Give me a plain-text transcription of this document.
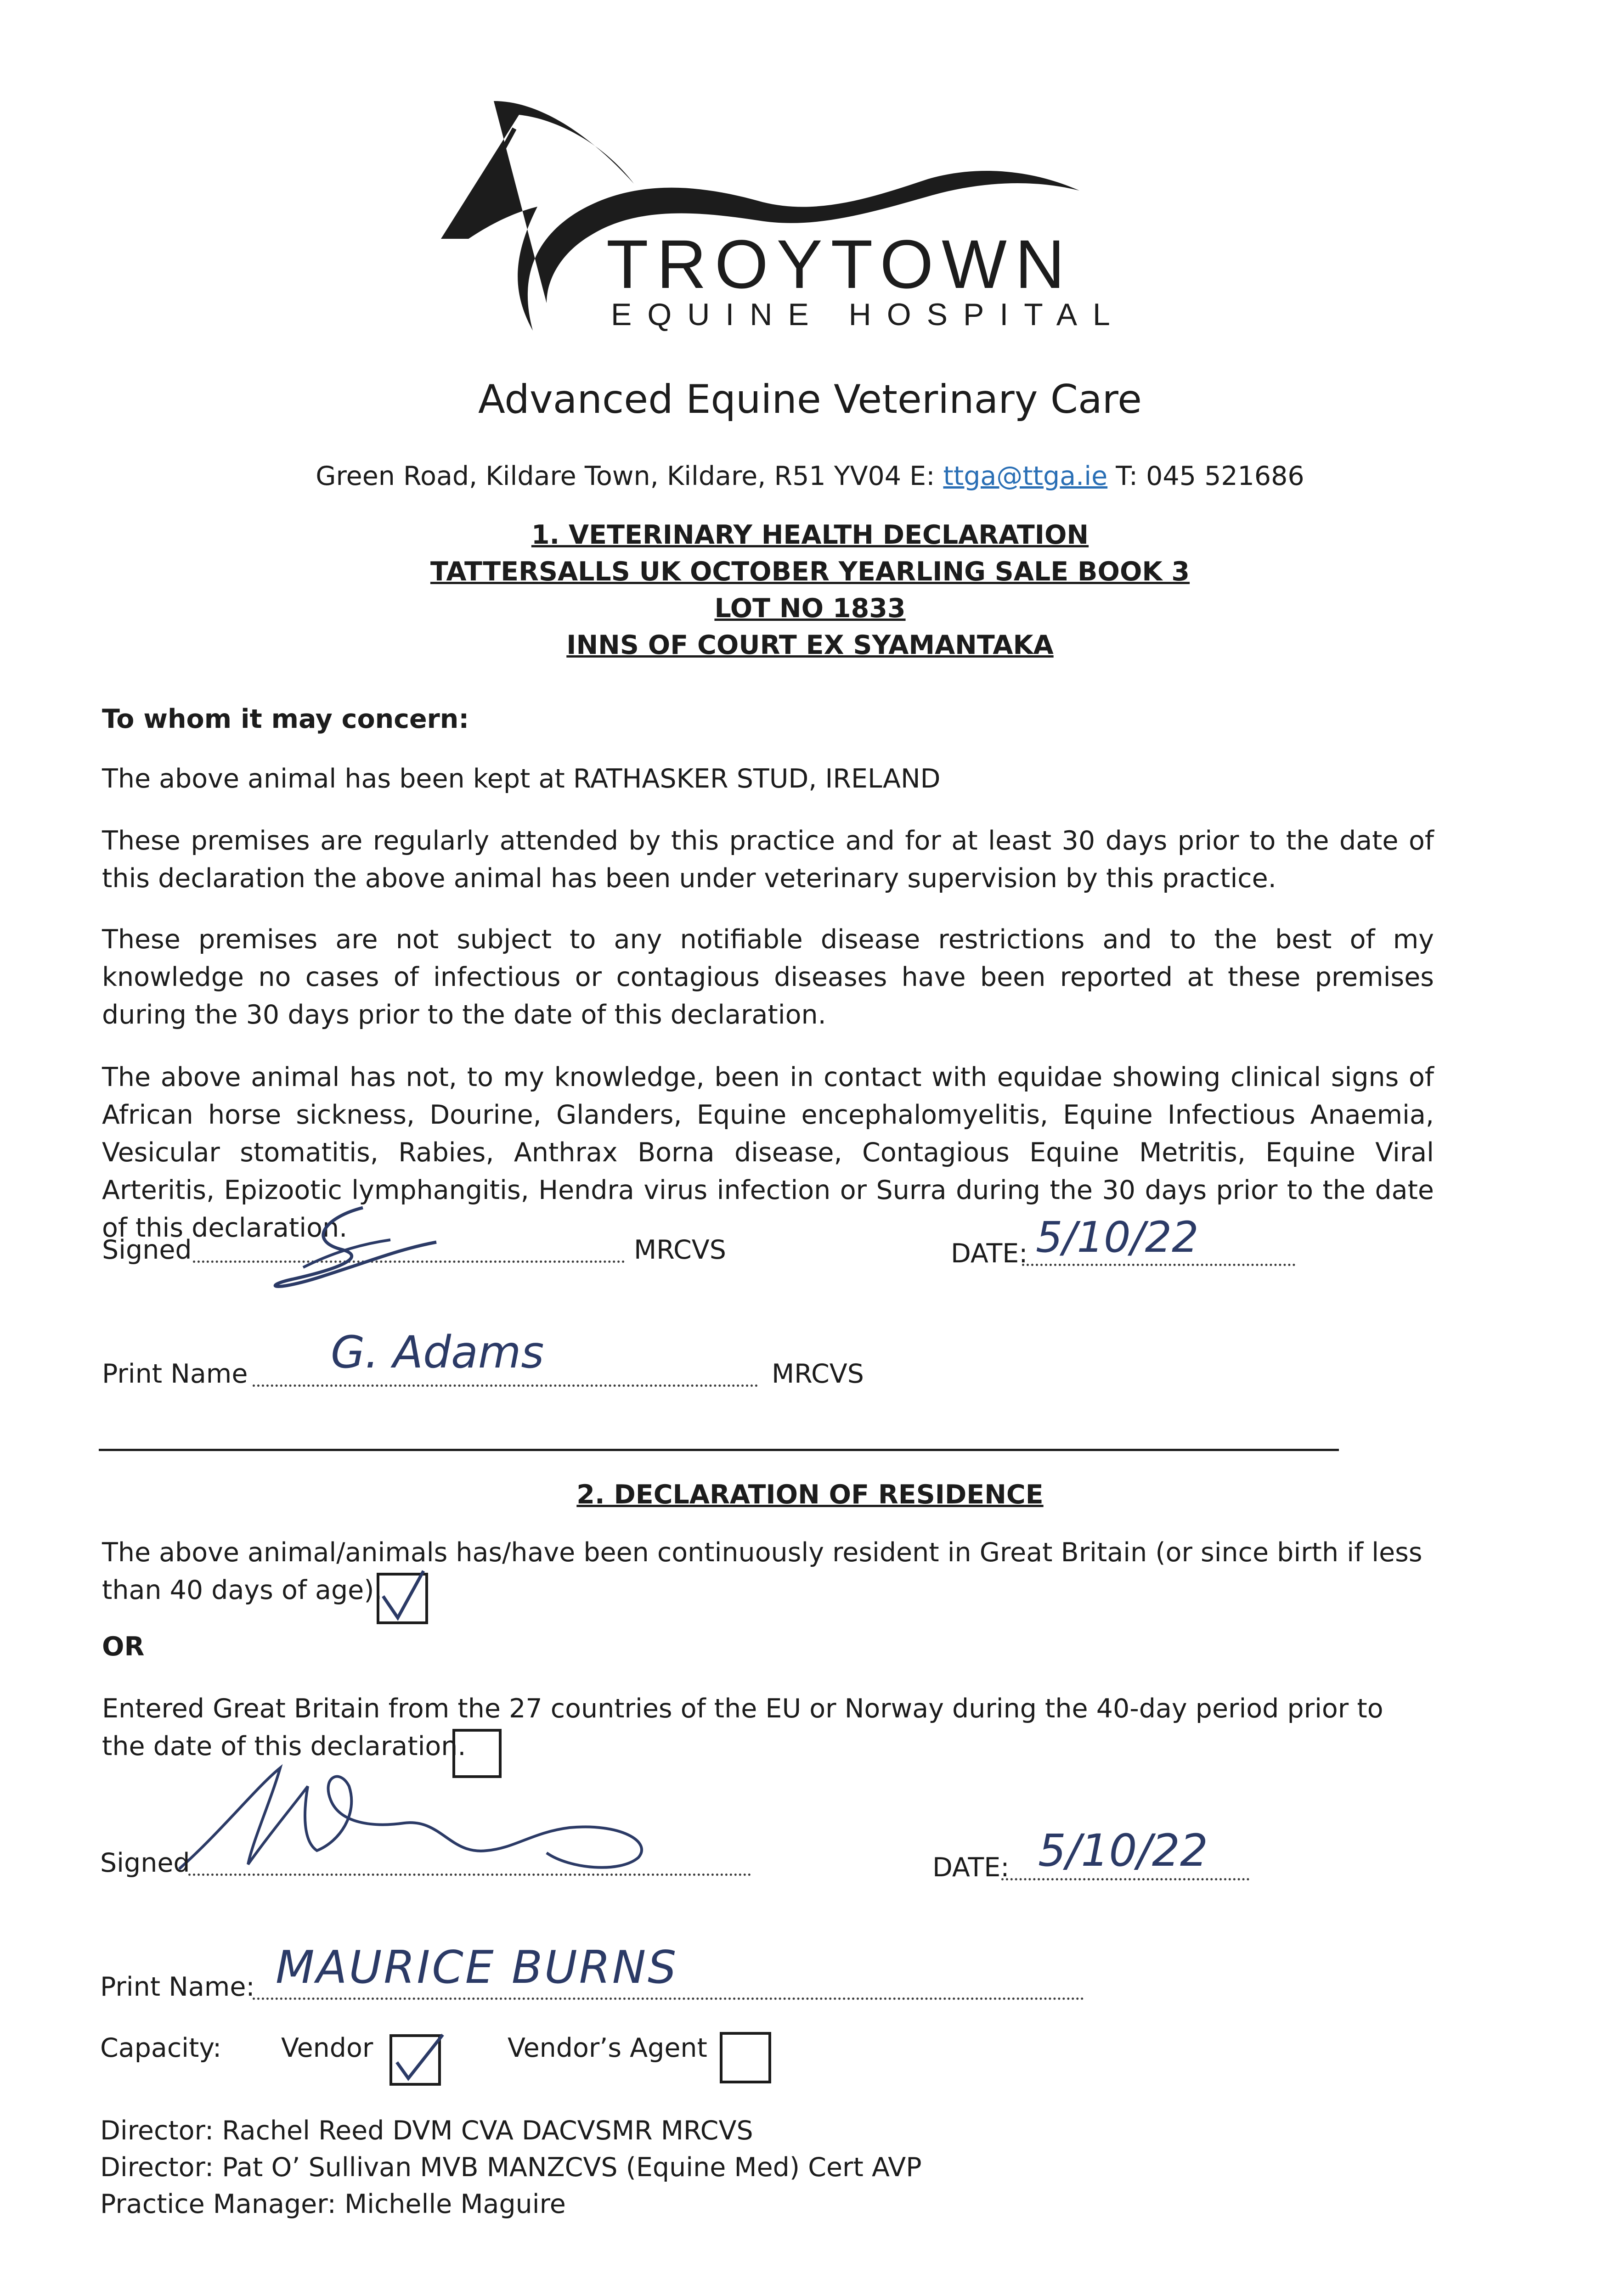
TROYTOWN
EQUINE HOSPITAL
Advanced Equine Veterinary Care
Green Road, Kildare Town, Kildare, R51 YV04 E: ttga@ttga.ie T: 045 521686
1. VETERINARY HEALTH DECLARATION
TATTERSALLS UK OCTOBER YEARLING SALE BOOK 3
LOT NO 1833
INNS OF COURT EX SYAMANTAKA
To whom it may concern:
The above animal has been kept at RATHASKER STUD, IRELAND
These premises are regularly attended by this practice and for at least 30 days prior to the date of this declaration the above animal has been under veterinary supervision by this practice.
These premises are not subject to any notifiable disease restrictions and to the best of my knowledge no cases of infectious or contagious diseases have been reported at these premises during the 30 days prior to the date of this declaration.
The above animal has not, to my knowledge, been in contact with equidae showing clinical signs of African horse sickness, Dourine, Glanders, Equine encephalomyelitis, Equine Infectious Anaemia, Vesicular stomatitis, Rabies, Anthrax Borna disease, Contagious Equine Metritis, Equine Viral Arteritis, Epizootic lymphangitis, Hendra virus infection or Surra during the 30 days prior to the date of this declaration.
Signed	MRCVS	DATE: 5/10/22
Print Name G. Adams	MRCVS
2. DECLARATION OF RESIDENCE
The above animal/animals has/have been continuously resident in Great Britain (or since birth if less than 40 days of age).
OR
Entered Great Britain from the 27 countries of the EU or Norway during the 40-day period prior to the date of this declaration.
Signed	DATE: 5/10/22
Print Name: MAURICE BURNS
Capacity: Vendor	Vendor’s Agent
Director: Rachel Reed DVM CVA DACVSMR MRCVS
Director: Pat O’ Sullivan MVB MANZCVS (Equine Med) Cert AVP
Practice Manager: Michelle Maguire
